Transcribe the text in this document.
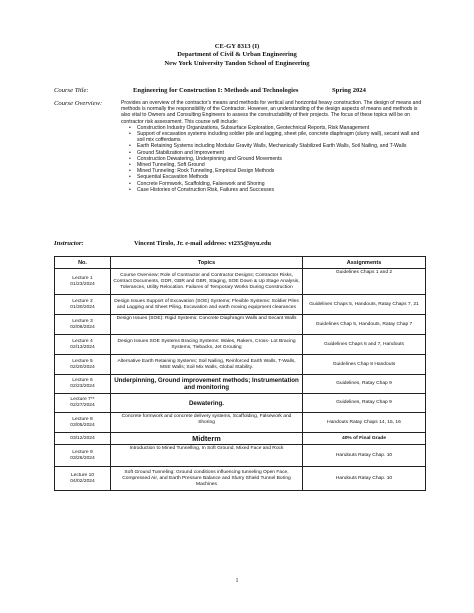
CE-GY 8313 (I)
Department of Civil & Urban Engineering
New York University Tandon School of Engineering
Course Title:	Engineering for Construction I: Methods and Technologies	Spring 2024
Course Overview:	Provides an overview of the contractor's means and methods for vertical and horizontal heavy construction. The design of means and methods is normally the responsibility of the Contractor. However, an understanding of the design aspects of means and methods is also vital to Owners and Consulting Engineers to assess the constructability of their projects. The focus of these topics will be on contractor risk assessment. This course will include:

• Construction Industry Organizations, Subsurface Exploration, Geotechnical Reports, Risk Management
• Support of excavation systems including soldier pile and lagging, sheet pile, concrete diaphragm (slurry wall), secant wall and soil mix cofferdams
• Earth Retaining Systems including Modular Gravity Walls, Mechanically Stabilized Earth Walls, Soil Nailing, and T-Walls
• Ground Stabilization and Improvement
• Construction Dewatering, Underpinning and Ground Movements
• Mined Tunneling, Soft Ground
• Mined Tunneling: Rock Tunneling, Empirical Design Methods
• Sequential Excavation Methods
• Concrete Formwork, Scaffolding, Falsework and Shoring
• Case Histories of Construction Risk, Failures and Successes
Instructor:	Vincent Tirolo, Jr. e-mail address: vt235@nyu.edu
No.	Topics	Assignments

Lecture 1
01/23/2024	Course Overview; Role of Contractor and Contractor Designs; Contractor Risks, Contract Documents, GDR, GBR and GBR, Staging, SOE Down & Up Stage Analysis, Tolerances, Utility Relocation. Failures of Temporary Works During Construction	Guidelines Chaps 1 and 2

Lecture 2
01/30/2024	Design Issues Support of Excavation (SOE) Systems; Flexible Systems: Soldier Piles and Lagging and Sheet Piling, Excavation and earth moving equipment clearances	Guidelines Chaps 5, Handouts, Ratay Chaps 7, 21

Lecture 3
02/06/2024	Design Issues (SOE): Rigid Systems: Concrete Diaphragm Walls and Secant Walls	Guidelines Chap 5, Handouts, Ratay Chap 7

Lecture 4
02/13/2024	Design Issues SOE Systems Bracing Systems: Wales, Rakers, Cross- Lot Bracing Systems, Tiebacks, Jet Grouting	Guidelines Chaps 6 and 7, Handouts

Lecture 5
02/20/2024	Alternative Earth Retaining Systems; Soil Nailing, Reinforced Earth Walls, T-Walls, MSE Walls; Soil Mix Walls, Global Stability.	Guidelines Chap 8 Handouts

Lecture 6
02/23/2024	Underpinning, Ground improvement methods; Instrumentation and monitoring	Guidelines, Ratay Chap 9

Lecture 7**
02/27/2024	Dewatering.	Guidelines, Ratay Chap 9

Lecture 8
03/05/2024	Concrete formwork and concrete delivery systems, Scaffolding, Falsework and Shoring	Handouts Ratay Chaps 14, 15, 16

03/12/2024	Midterm	40% of Final Grade

Lecture 9
03/26/2024	Introduction to Mined Tunnelling, In Soft Ground, Mixed Face and Rock	Handouts Ratay Chap. 10

Lecture 10
04/02/2024	Soft Ground Tunneling: Ground conditions influencing tunneling Open Face, Compressed Air, and Earth Pressure Balance and Slurry Shield Tunnel Boring Machines	Handouts Ratay Chap. 10
1
